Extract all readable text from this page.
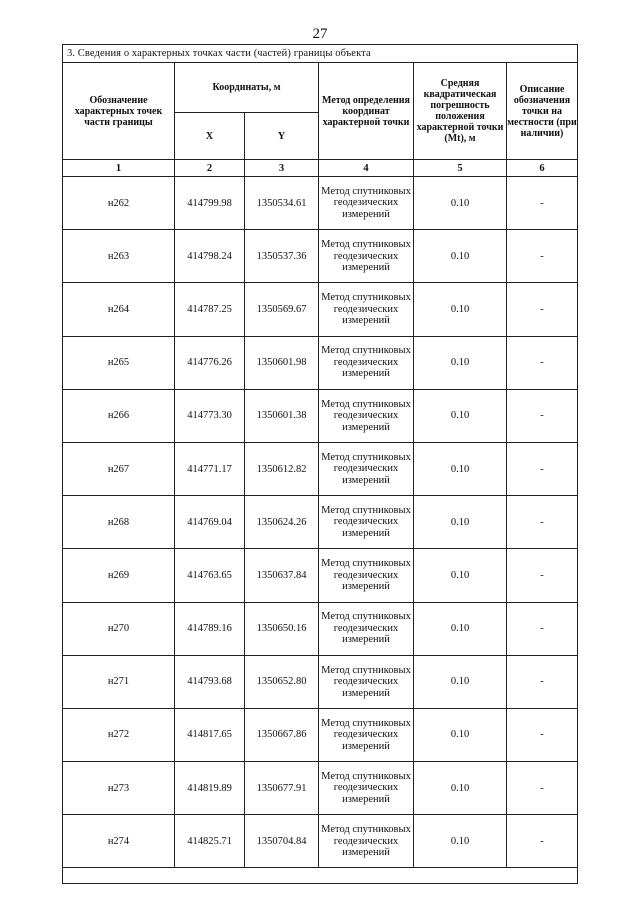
27
3. Сведения о характерных точках части (частей) границы объекта					
Обозначение характерных точек части границы	Координаты, м		Метод определения координат характерной точки	Средняя квадратическая погрешность положения характерной точки (Mt), м	Описание обозначения точки на местности (при наличии)
	X	Y			
1	2	3	4	5	6
н262	414799.98	1350534.61	Метод спутниковых геодезических измерений	0.10	-
н263	414798.24	1350537.36	Метод спутниковых геодезических измерений	0.10	-
н264	414787.25	1350569.67	Метод спутниковых геодезических измерений	0.10	-
н265	414776.26	1350601.98	Метод спутниковых геодезических измерений	0.10	-
н266	414773.30	1350601.38	Метод спутниковых геодезических измерений	0.10	-
н267	414771.17	1350612.82	Метод спутниковых геодезических измерений	0.10	-
н268	414769.04	1350624.26	Метод спутниковых геодезических измерений	0.10	-
н269	414763.65	1350637.84	Метод спутниковых геодезических измерений	0.10	-
н270	414789.16	1350650.16	Метод спутниковых геодезических измерений	0.10	-
н271	414793.68	1350652.80	Метод спутниковых геодезических измерений	0.10	-
н272	414817.65	1350667.86	Метод спутниковых геодезических измерений	0.10	-
н273	414819.89	1350677.91	Метод спутниковых геодезических измерений	0.10	-
н274	414825.71	1350704.84	Метод спутниковых геодезических измерений	0.10	-
